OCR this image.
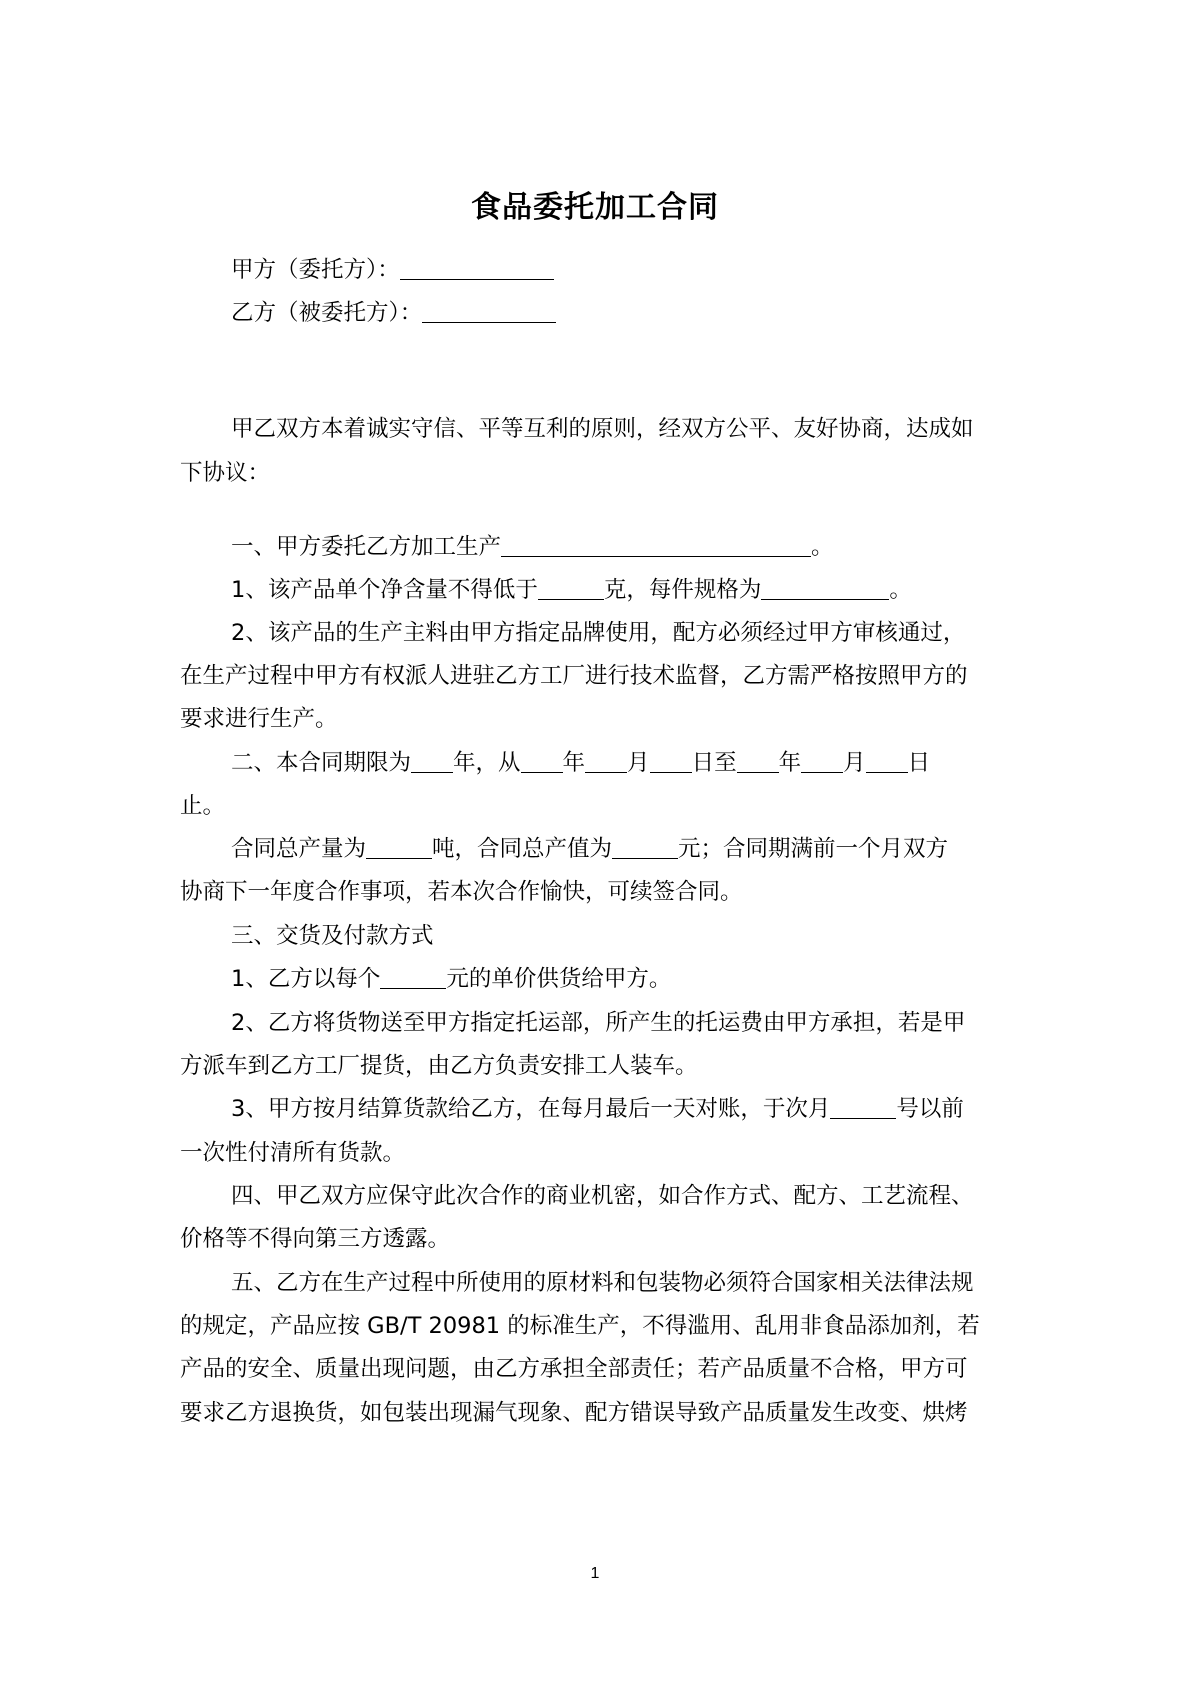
食品委托加工合同
甲方（委托方）：
乙方（被委托方）：
甲乙双方本着诚实守信、平等互利的原则，经双方公平、友好协商，达成如
下协议：
一、甲方委托乙方加工生产	。
1、该产品单个净含量不得低于	克，每件规格为	。
2、该产品的生产主料由甲方指定品牌使用，配方必须经过甲方审核通过，
在生产过程中甲方有权派人进驻乙方工厂进行技术监督，乙方需严格按照甲方的
要求进行生产。
二、本合同期限为 年，从 年 月 日至 年 月 日
止。
合同总产量为	吨，合同总产值为	元；合同期满前一个月双方
协商下一年度合作事项，若本次合作愉快，可续签合同。
三、交货及付款方式
1、乙方以每个	元的单价供货给甲方。
2、乙方将货物送至甲方指定托运部，所产生的托运费由甲方承担，若是甲
方派车到乙方工厂提货，由乙方负责安排工人装车。
3、甲方按月结算货款给乙方，在每月最后一天对账，于次月	号以前
一次性付清所有货款。
四、甲乙双方应保守此次合作的商业机密，如合作方式、配方、工艺流程、
价格等不得向第三方透露。
五、乙方在生产过程中所使用的原材料和包装物必须符合国家相关法律法规
的规定，产品应按 GB/T 20981 的标准生产，不得滥用、乱用非食品添加剂，若
产品的安全、质量出现问题，由乙方承担全部责任；若产品质量不合格，甲方可
要求乙方退换货，如包装出现漏气现象、配方错误导致产品质量发生改变、烘烤
1
